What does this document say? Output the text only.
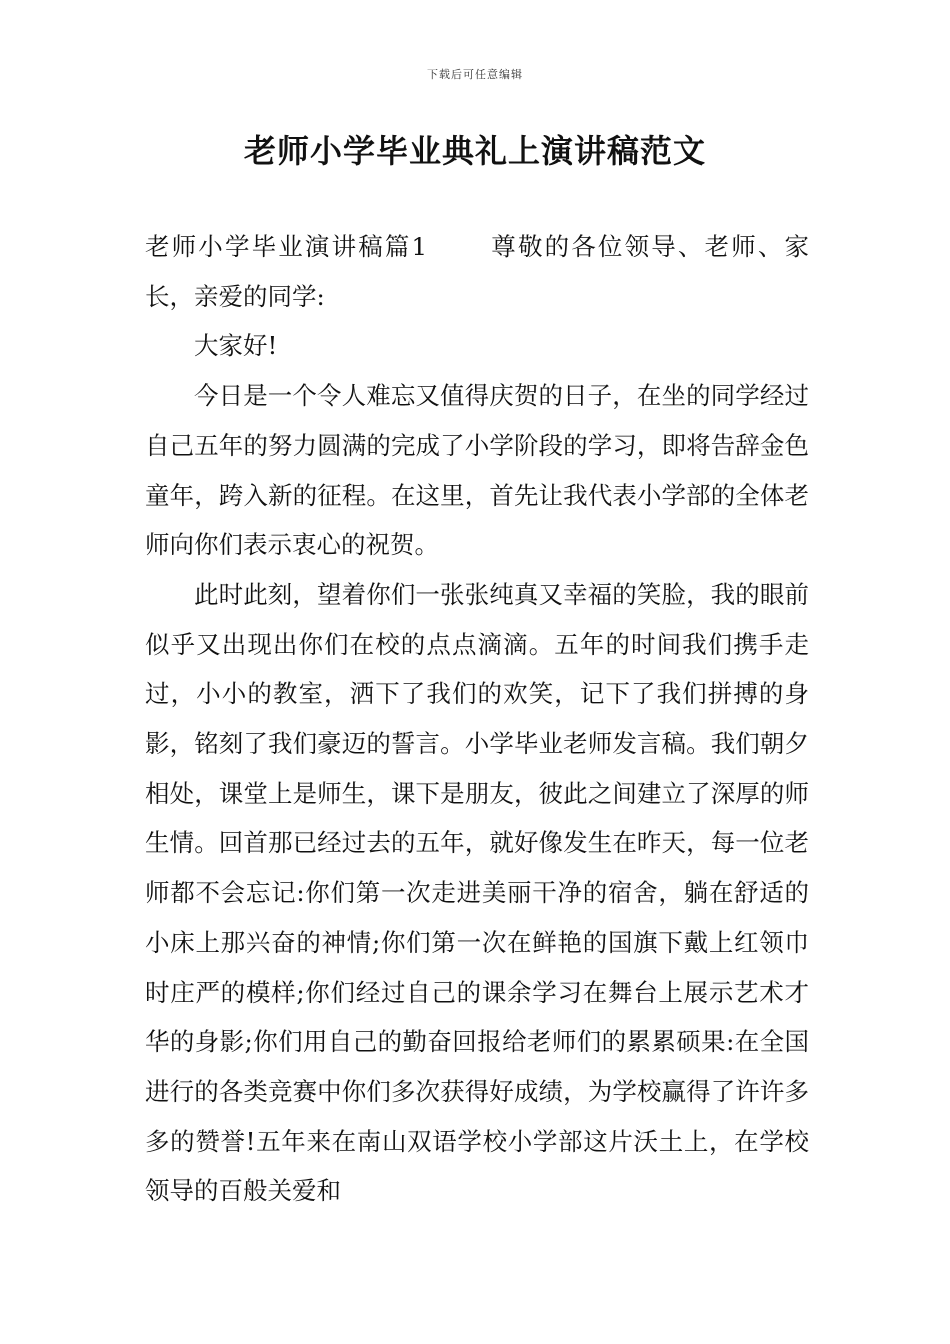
下载后可任意编辑
老师小学毕业典礼上演讲稿范文

老师小学毕业演讲稿篇1	尊敬的各位领导、老师、家长，亲爱的同学:

大家好!

今日是一个令人难忘又值得庆贺的日子，在坐的同学经过自己五年的努力圆满的完成了小学阶段的学习，即将告辞金色童年，跨入新的征程。在这里，首先让我代表小学部的全体老师向你们表示衷心的祝贺。

此时此刻，望着你们一张张纯真又幸福的笑脸，我的眼前似乎又出现出你们在校的点点滴滴。五年的时间我们携手走过，小小的教室，洒下了我们的欢笑，记下了我们拼搏的身影，铭刻了我们豪迈的誓言。小学毕业老师发言稿。我们朝夕相处，课堂上是师生，课下是朋友，彼此之间建立了深厚的师生情。回首那已经过去的五年，就好像发生在昨天，每一位老师都不会忘记:你们第一次走进美丽干净的宿舍，躺在舒适的小床上那兴奋的神情;你们第一次在鲜艳的国旗下戴上红领巾时庄严的模样;你们经过自己的课余学习在舞台上展示艺术才华的身影;你们用自己的勤奋回报给老师们的累累硕果:在全国进行的各类竞赛中你们多次获得好成绩，为学校赢得了许许多多的赞誉!五年来在南山双语学校小学部这片沃土上，在学校领导的百般关爱和
